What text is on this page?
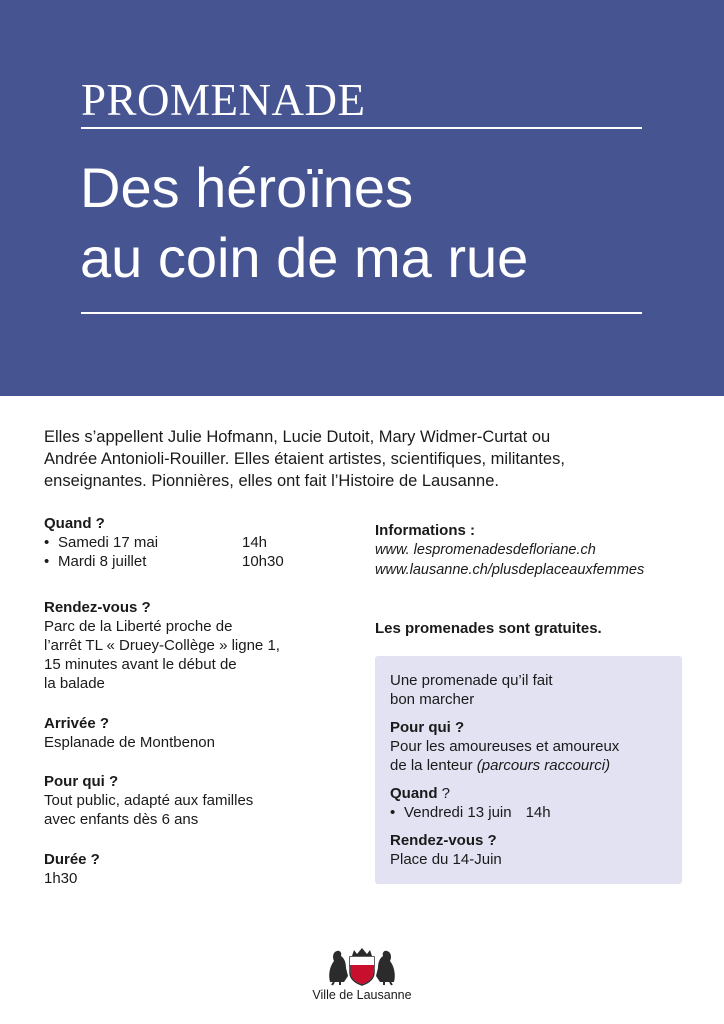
PROMENADE
Des héroïnes
au coin de ma rue
Elles s’appellent Julie Hofmann, Lucie Dutoit, Mary Widmer-Curtat ou
Andrée Antonioli-Rouiller. Elles étaient artistes, scientifiques, militantes,
enseignantes. Pionnières, elles ont fait l’Histoire de Lausanne.
Quand ?
• Samedi 17 mai	14h
• Mardi 8 juillet	10h30
Rendez-vous ?
Parc de la Liberté proche de
l’arrêt TL « Druey-Collège » ligne 1,
15 minutes avant le début de
la balade
Arrivée ?
Esplanade de Montbenon
Pour qui ?
Tout public, adapté aux familles
avec enfants dès 6 ans
Durée ?
1h30
Informations :
www. lespromenadesdefloriane.ch
www.lausanne.ch/plusdeplaceauxfemmes
Les promenades sont gratuites.
Une promenade qu’il fait
bon marcher
Pour qui ?
Pour les amoureuses et amoureux
de la lenteur (parcours raccourci)
Quand ?
• Vendredi 13 juin 14h
Rendez-vous ?
Place du 14-Juin
Ville de Lausanne
